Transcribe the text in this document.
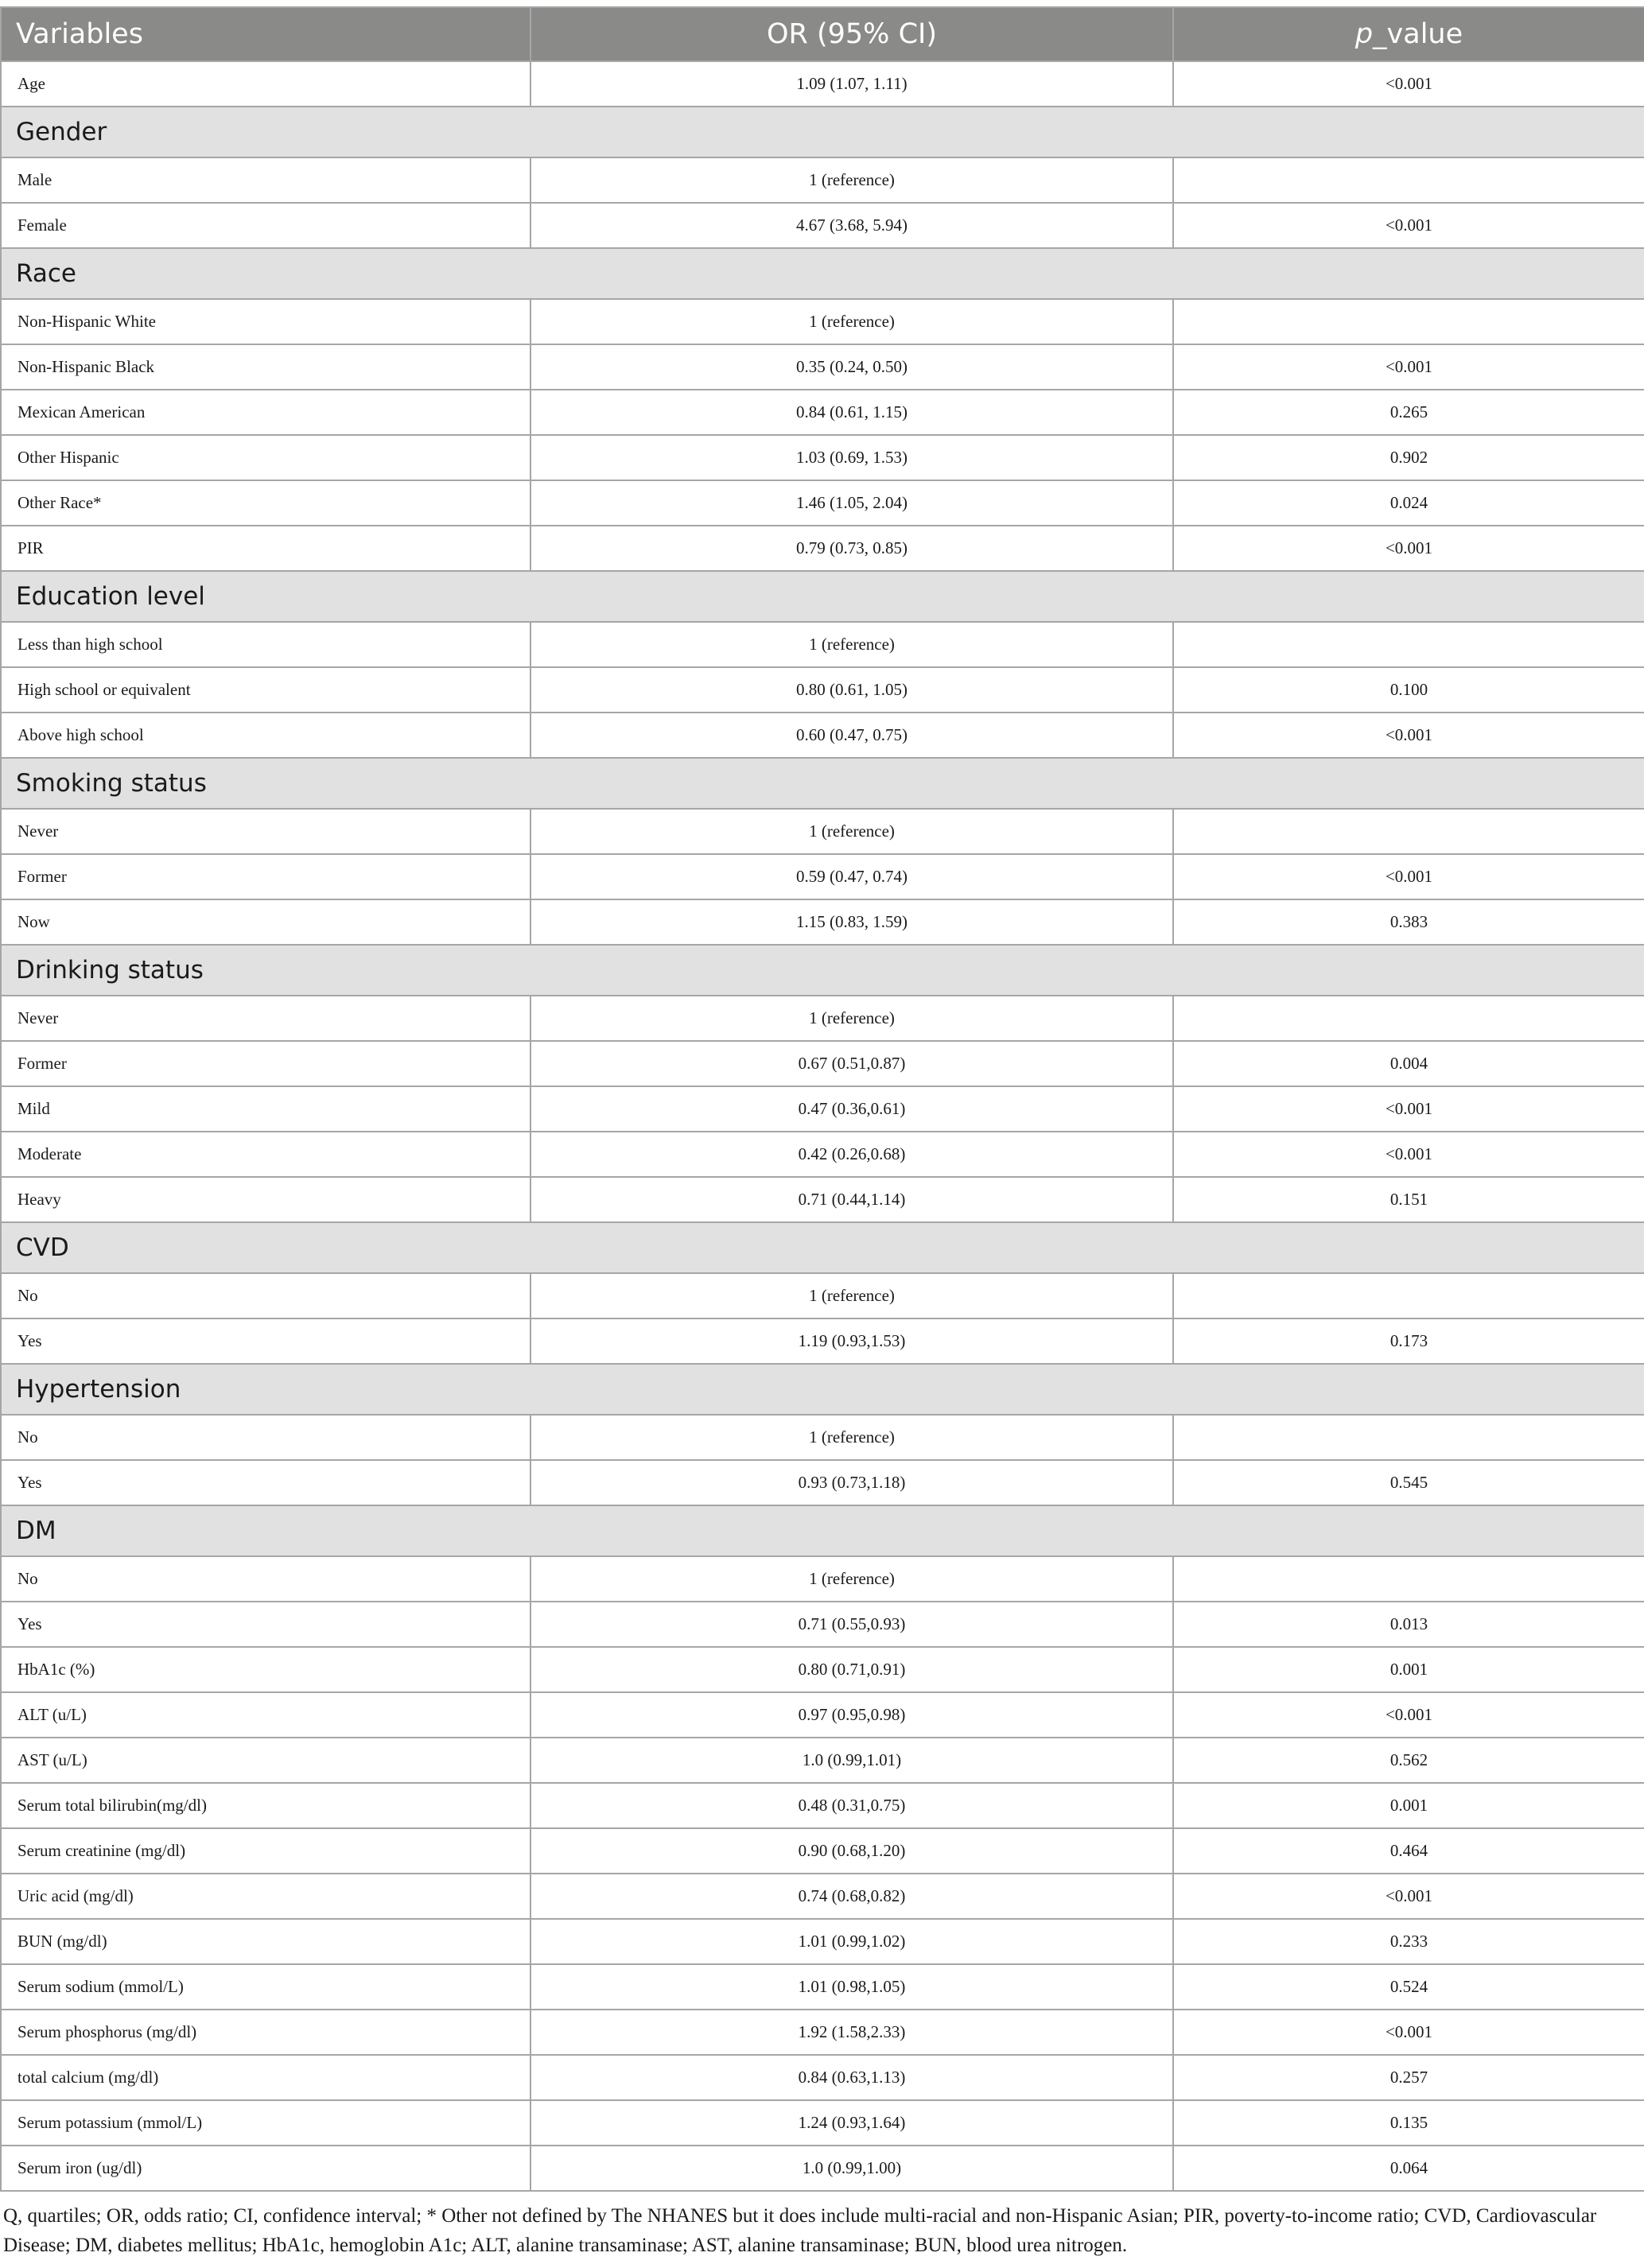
Variables	OR (95% CI)	p_value
Age	1.09 (1.07, 1.11)	<0.001
Gender		
Male	1 (reference)	
Female	4.67 (3.68, 5.94)	<0.001
Race		
Non-Hispanic White	1 (reference)	
Non-Hispanic Black	0.35 (0.24, 0.50)	<0.001
Mexican American	0.84 (0.61, 1.15)	0.265
Other Hispanic	1.03 (0.69, 1.53)	0.902
Other Race*	1.46 (1.05, 2.04)	0.024
PIR	0.79 (0.73, 0.85)	<0.001
Education level		
Less than high school	1 (reference)	
High school or equivalent	0.80 (0.61, 1.05)	0.100
Above high school	0.60 (0.47, 0.75)	<0.001
Smoking status		
Never	1 (reference)	
Former	0.59 (0.47, 0.74)	<0.001
Now	1.15 (0.83, 1.59)	0.383
Drinking status		
Never	1 (reference)	
Former	0.67 (0.51,0.87)	0.004
Mild	0.47 (0.36,0.61)	<0.001
Moderate	0.42 (0.26,0.68)	<0.001
Heavy	0.71 (0.44,1.14)	0.151
CVD		
No	1 (reference)	
Yes	1.19 (0.93,1.53)	0.173
Hypertension		
No	1 (reference)	
Yes	0.93 (0.73,1.18)	0.545
DM		
No	1 (reference)	
Yes	0.71 (0.55,0.93)	0.013
HbA1c (%)	0.80 (0.71,0.91)	0.001
ALT (u/L)	0.97 (0.95,0.98)	<0.001
AST (u/L)	1.0 (0.99,1.01)	0.562
Serum total bilirubin(mg/dl)	0.48 (0.31,0.75)	0.001
Serum creatinine (mg/dl)	0.90 (0.68,1.20)	0.464
Uric acid (mg/dl)	0.74 (0.68,0.82)	<0.001
BUN (mg/dl)	1.01 (0.99,1.02)	0.233
Serum sodium (mmol/L)	1.01 (0.98,1.05)	0.524
Serum phosphorus (mg/dl)	1.92 (1.58,2.33)	<0.001
total calcium (mg/dl)	0.84 (0.63,1.13)	0.257
Serum potassium (mmol/L)	1.24 (0.93,1.64)	0.135
Serum iron (ug/dl)	1.0 (0.99,1.00)	0.064

Q, quartiles; OR, odds ratio; CI, confidence interval; * Other not defined by The NHANES but it does include multi-racial and non-Hispanic Asian; PIR, poverty-to-income ratio; CVD, Cardiovascular Disease; DM, diabetes mellitus; HbA1c, hemoglobin A1c; ALT, alanine transaminase; AST, alanine transaminase; BUN, blood urea nitrogen.
